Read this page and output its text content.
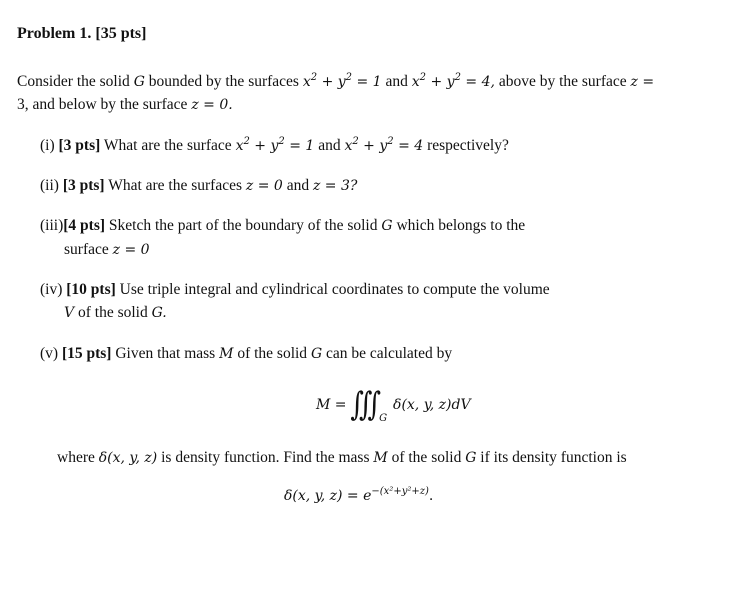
Problem 1. [35 pts]
Consider the solid G bounded by the surfaces $x^2 + y^2 = 1$ and $x^2 + y^2 = 4$, above by the surface z =
3, and below by the surface z = 0.
(i) [3 pts] What are the surface $x^2 + y^2 = 1$ and $x^2 + y^2 = 4$ respectively?
(ii) [3 pts] What are the surfaces z = 0 and z = 3?
(iii)[4 pts] Sketch the part of the boundary of the solid G which belongs to the
surface z = 0
(iv) [10 pts] Use triple integral and cylindrical coordinates to compute the volume
V of the solid G.
(v) [15 pts] Given that mass M of the solid G can be calculated by
$M = ∭_G$ δ(x, y, z)dV
where δ(x, y, z) is density function. Find the mass M of the solid G if its density function is
δ(x, y, $z) = e^{-(x^2+y^2+z)}$.
